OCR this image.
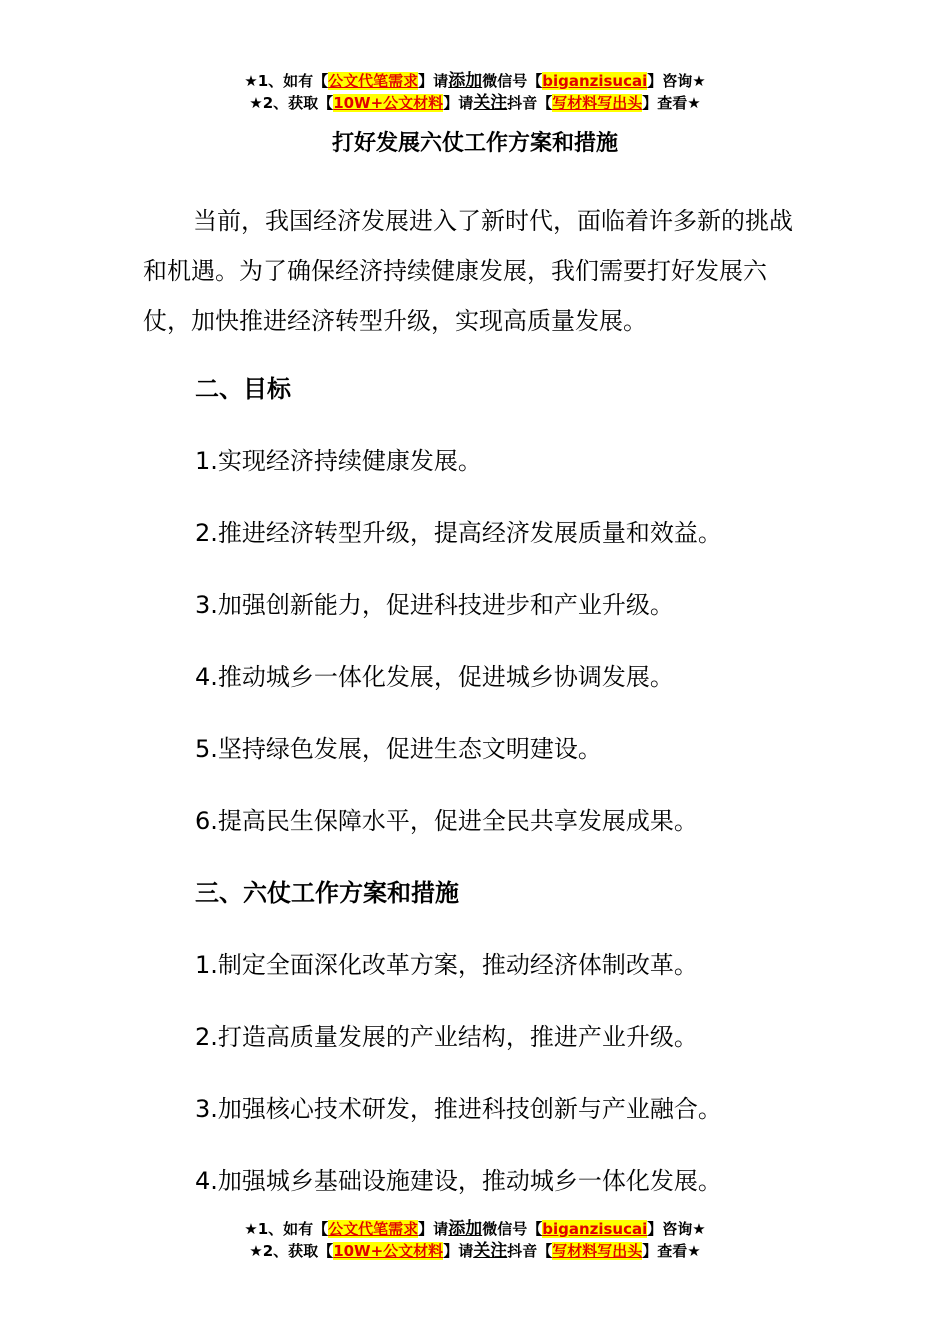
★1、如有【公文代笔需求】请添加微信号【biganzisucai】咨询★
★2、获取【10W+公文材料】请关注抖音【写材料写出头】查看★
打好发展六仗工作方案和措施

当前，我国经济发展进入了新时代，面临着许多新的挑战和机遇。为了确保经济持续健康发展，我们需要打好发展六仗，加快推进经济转型升级，实现高质量发展。

二、目标

1.实现经济持续健康发展。

2.推进经济转型升级，提高经济发展质量和效益。

3.加强创新能力，促进科技进步和产业升级。

4.推动城乡一体化发展，促进城乡协调发展。

5.坚持绿色发展，促进生态文明建设。

6.提高民生保障水平，促进全民共享发展成果。

三、六仗工作方案和措施

1.制定全面深化改革方案，推动经济体制改革。

2.打造高质量发展的产业结构，推进产业升级。

3.加强核心技术研发，推进科技创新与产业融合。

4.加强城乡基础设施建设，推动城乡一体化发展。

★1、如有【公文代笔需求】请添加微信号【biganzisucai】咨询★
★2、获取【10W+公文材料】请关注抖音【写材料写出头】查看★
